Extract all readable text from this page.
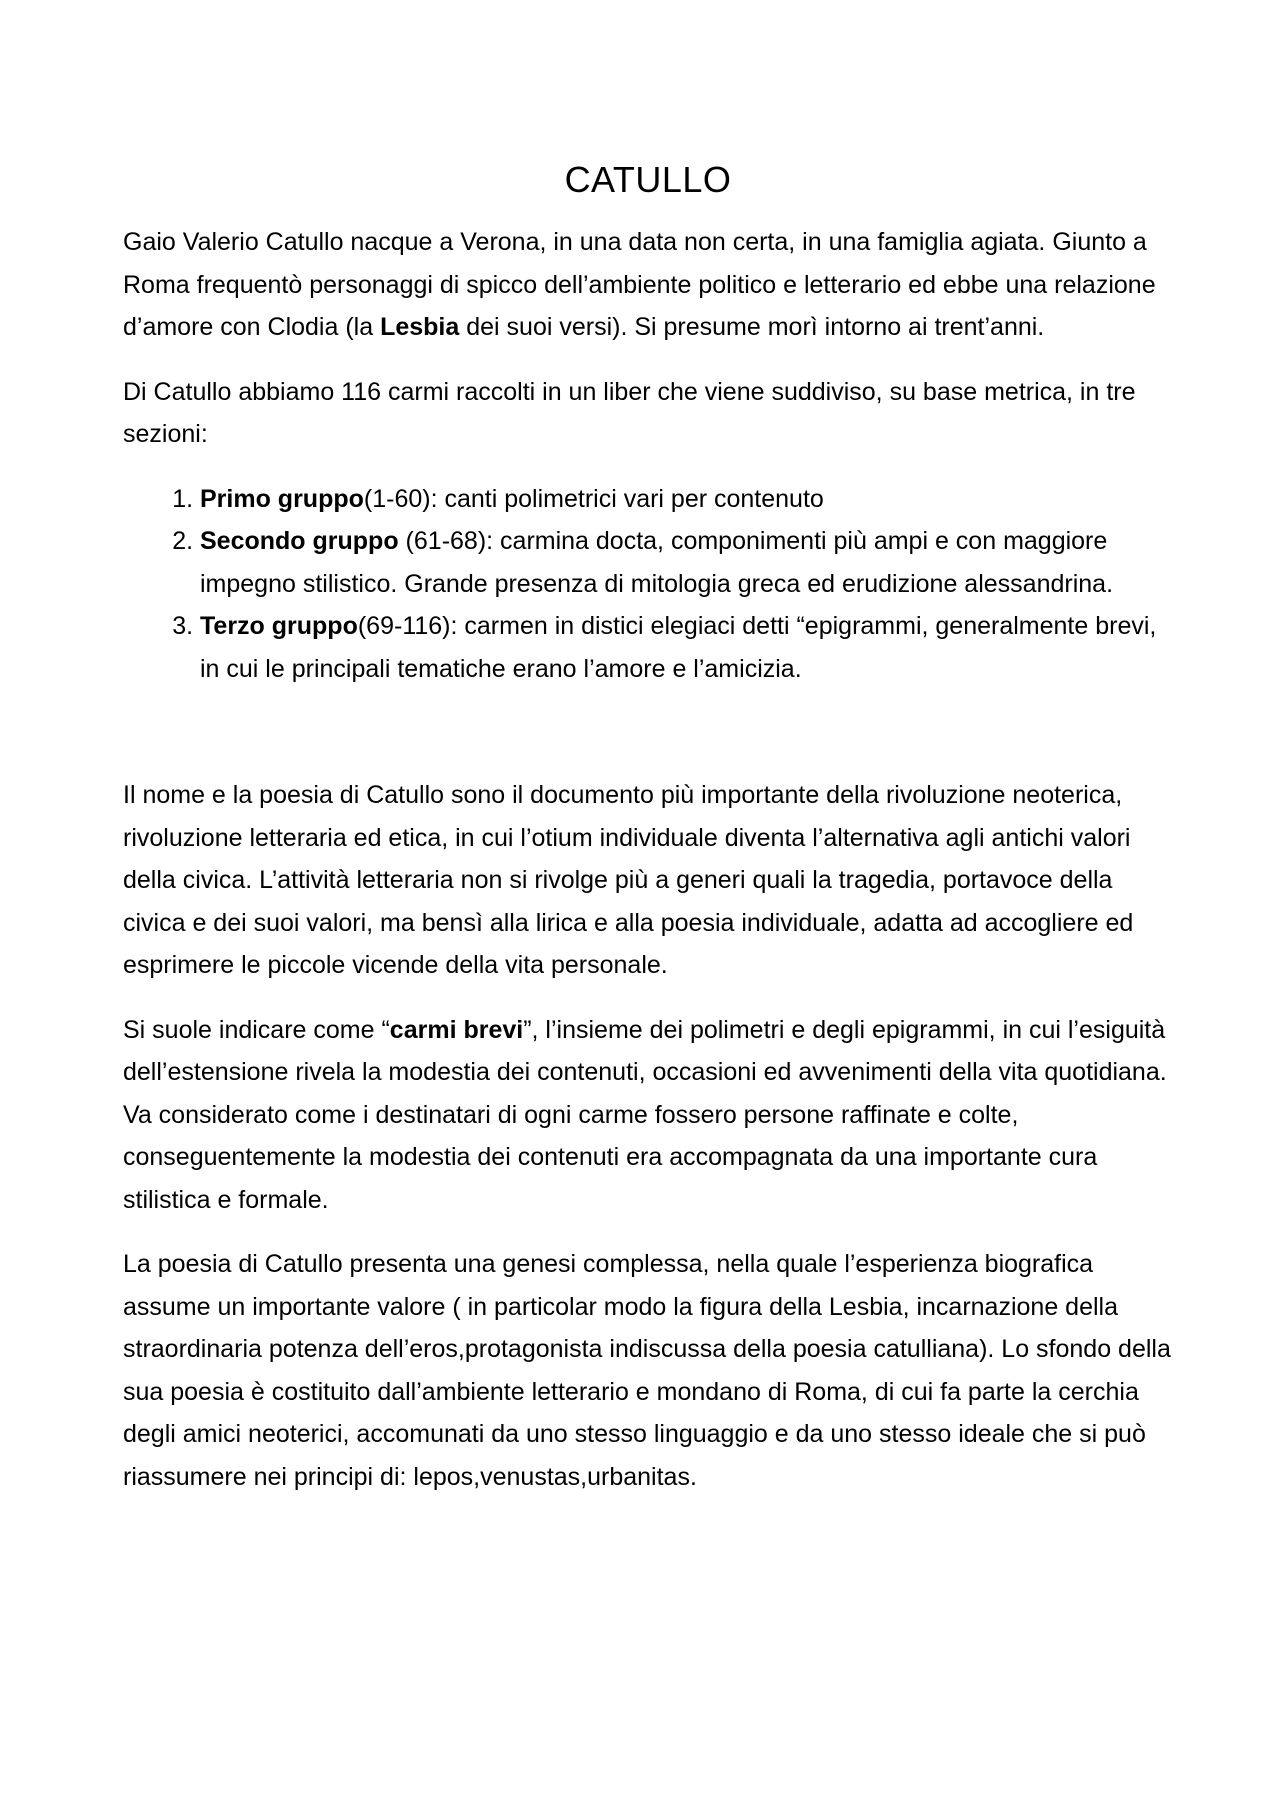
CATULLO

Gaio Valerio Catullo nacque a Verona, in una data non certa, in una famiglia agiata. Giunto a Roma frequentò personaggi di spicco dell’ambiente politico e letterario ed ebbe una relazione d’amore con Clodia (la Lesbia dei suoi versi). Si presume morì intorno ai trent’anni.

Di Catullo abbiamo 116 carmi raccolti in un liber che viene suddiviso, su base metrica, in tre sezioni:

1. Primo gruppo(1-60): canti polimetrici vari per contenuto
2. Secondo gruppo (61-68): carmina docta, componimenti più ampi e con maggiore impegno stilistico. Grande presenza di mitologia greca ed erudizione alessandrina.
3. Terzo gruppo(69-116): carmen in distici elegiaci detti “epigrammi, generalmente brevi, in cui le principali tematiche erano l’amore e l’amicizia.

Il nome e la poesia di Catullo sono il documento più importante della rivoluzione neoterica, rivoluzione letteraria ed etica, in cui l’otium individuale diventa l’alternativa agli antichi valori della civica. L’attività letteraria non si rivolge più a generi quali la tragedia, portavoce della civica e dei suoi valori, ma bensì alla lirica e alla poesia individuale, adatta ad accogliere ed esprimere le piccole vicende della vita personale.

Si suole indicare come “carmi brevi”, l’insieme dei polimetri e degli epigrammi, in cui l’esiguità dell’estensione rivela la modestia dei contenuti, occasioni ed avvenimenti della vita quotidiana. Va considerato come i destinatari di ogni carme fossero persone raffinate e colte, conseguentemente la modestia dei contenuti era accompagnata da una importante cura stilistica e formale.

La poesia di Catullo presenta una genesi complessa, nella quale l’esperienza biografica assume un importante valore ( in particolar modo la figura della Lesbia, incarnazione della straordinaria potenza dell’eros,protagonista indiscussa della poesia catulliana). Lo sfondo della sua poesia è costituito dall’ambiente letterario e mondano di Roma, di cui fa parte la cerchia degli amici neoterici, accomunati da uno stesso linguaggio e da uno stesso ideale che si può riassumere nei principi di: lepos,venustas,urbanitas.
